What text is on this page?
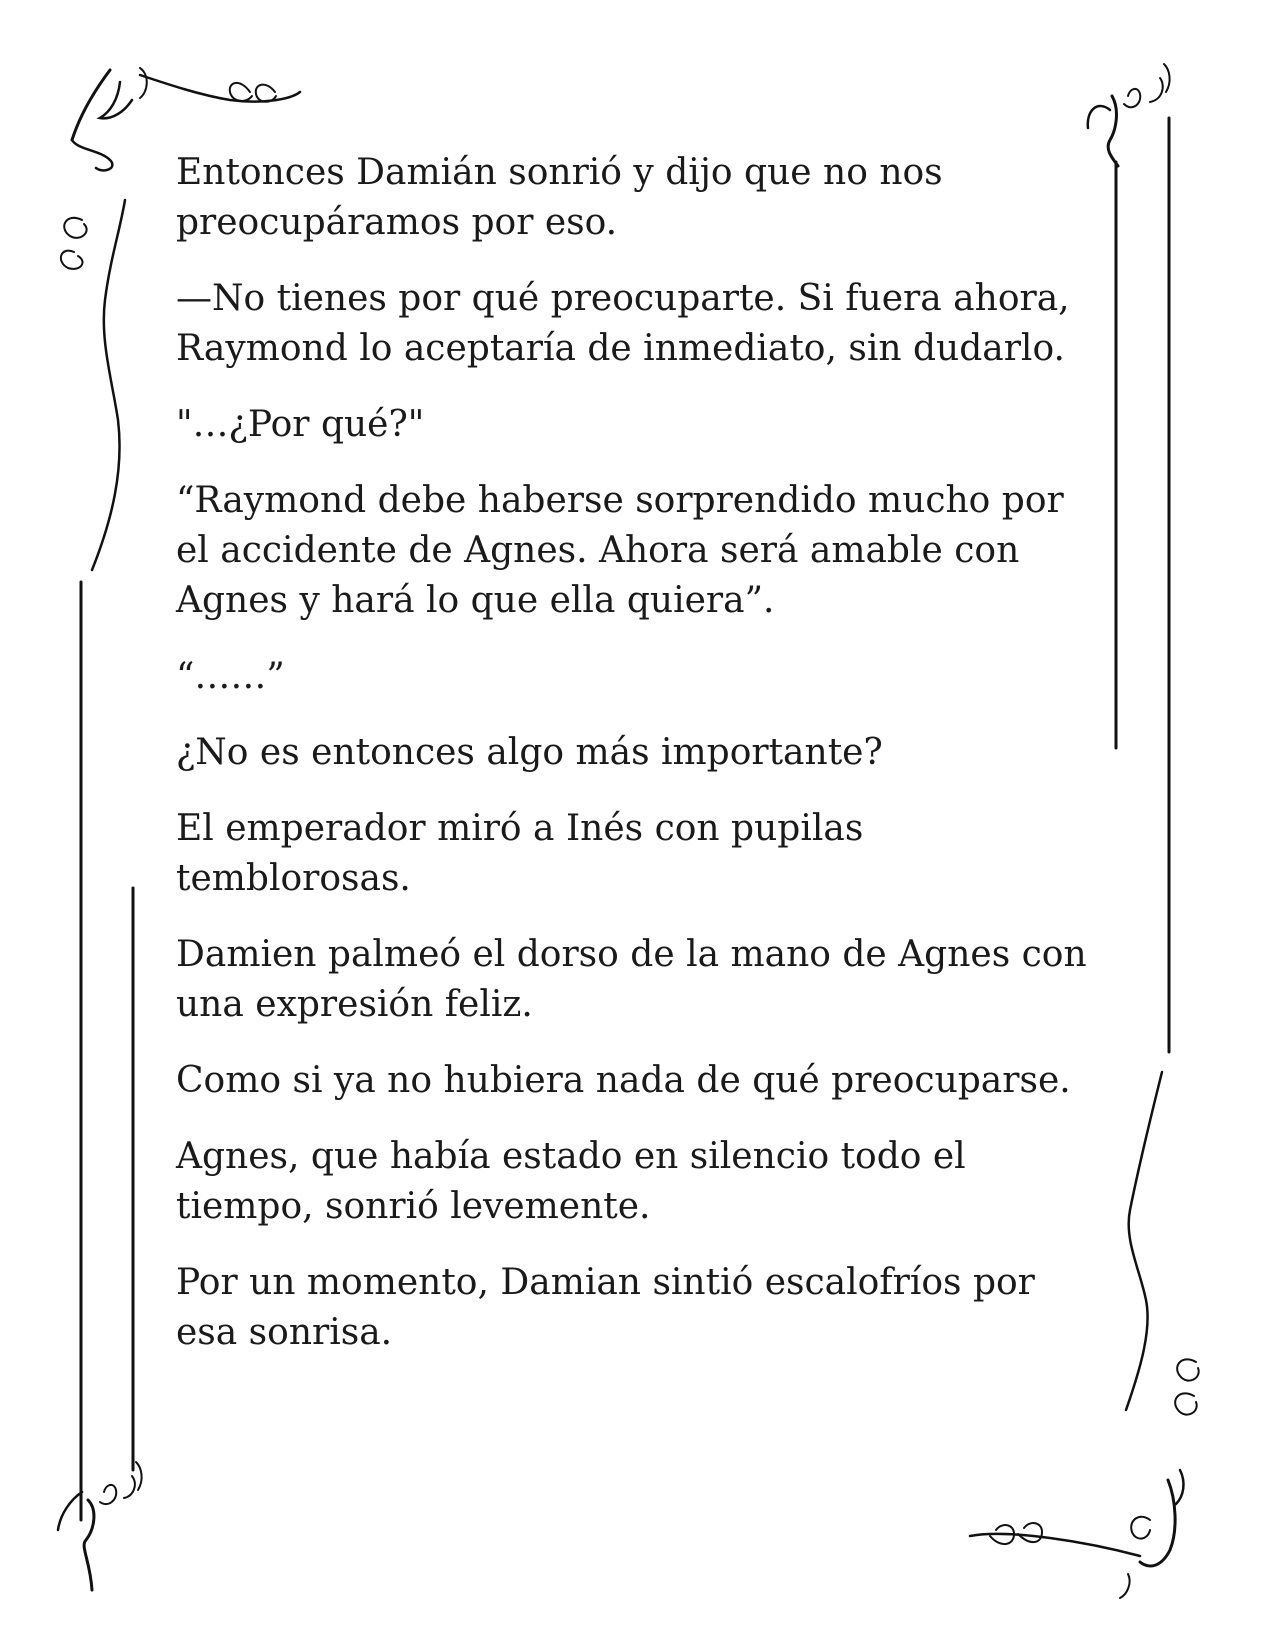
Entonces Damián sonrió y dijo que no nos preocupáramos por eso.

—No tienes por qué preocuparte. Si fuera ahora, Raymond lo aceptaría de inmediato, sin dudarlo.

"…¿Por qué?"

“Raymond debe haberse sorprendido mucho por el accidente de Agnes. Ahora será amable con Agnes y hará lo que ella quiera”.

“……”

¿No es entonces algo más importante?

El emperador miró a Inés con pupilas temblorosas.

Damien palmeó el dorso de la mano de Agnes con una expresión feliz.

Como si ya no hubiera nada de qué preocuparse.

Agnes, que había estado en silencio todo el tiempo, sonrió levemente.

Por un momento, Damian sintió escalofríos por esa sonrisa.
